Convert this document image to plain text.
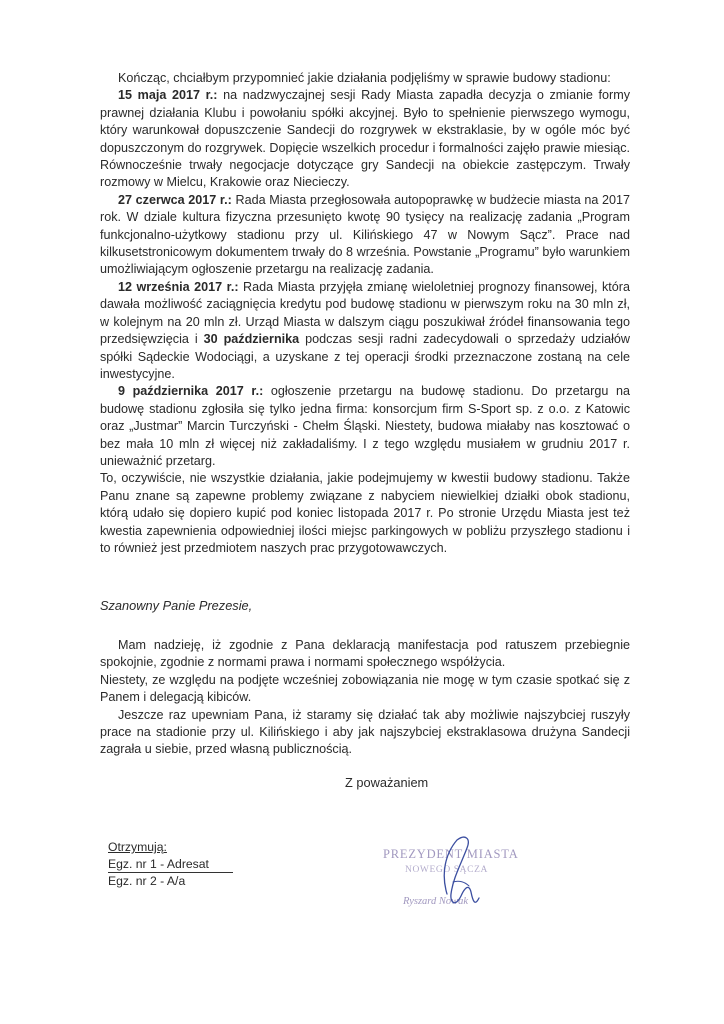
Kończąc, chciałbym przypomnieć jakie działania podjęliśmy w sprawie budowy stadionu:

15 maja 2017 r.: na nadzwyczajnej sesji Rady Miasta zapadła decyzja o zmianie formy prawnej działania Klubu i powołaniu spółki akcyjnej. Było to spełnienie pierwszego wymogu, który warunkował dopuszczenie Sandecji do rozgrywek w ekstraklasie, by w ogóle móc być dopuszczonym do rozgrywek. Dopięcie wszelkich procedur i formalności zajęło prawie miesiąc. Równocześnie trwały negocjacje dotyczące gry Sandecji na obiekcie zastępczym. Trwały rozmowy w Mielcu, Krakowie oraz Niecieczy.

27 czerwca 2017 r.: Rada Miasta przegłosowała autopoprawkę w budżecie miasta na 2017 rok. W dziale kultura fizyczna przesunięto kwotę 90 tysięcy na realizację zadania „Program funkcjonalno-użytkowy stadionu przy ul. Kilińskiego 47 w Nowym Sącz”. Prace nad kilkusetstronicowym dokumentem trwały do 8 września. Powstanie „Programu” było warunkiem umożliwiającym ogłoszenie przetargu na realizację zadania.

12 września 2017 r.: Rada Miasta przyjęła zmianę wieloletniej prognozy finansowej, która dawała możliwość zaciągnięcia kredytu pod budowę stadionu w pierwszym roku na 30 mln zł, w kolejnym na 20 mln zł. Urząd Miasta w dalszym ciągu poszukiwał źródeł finansowania tego przedsięwzięcia i 30 października podczas sesji radni zadecydowali o sprzedaży udziałów spółki Sądeckie Wodociągi, a uzyskane z tej operacji środki przeznaczone zostaną na cele inwestycyjne.

9 października 2017 r.: ogłoszenie przetargu na budowę stadionu. Do przetargu na budowę stadionu zgłosiła się tylko jedna firma: konsorcjum firm S-Sport sp. z o.o. z Katowic oraz „Justmar” Marcin Turczyński - Chełm Śląski. Niestety, budowa miałaby nas kosztować o bez mała 10 mln zł więcej niż zakładaliśmy. I z tego względu musiałem w grudniu 2017 r. unieważnić przetarg.

To, oczywiście, nie wszystkie działania, jakie podejmujemy w kwestii budowy stadionu. Także Panu znane są zapewne problemy związane z nabyciem niewielkiej działki obok stadionu, którą udało się dopiero kupić pod koniec listopada 2017 r. Po stronie Urzędu Miasta jest też kwestia zapewnienia odpowiedniej ilości miejsc parkingowych w pobliżu przyszłego stadionu i to również jest przedmiotem naszych prac przygotowawczych.

Szanowny Panie Prezesie,

Mam nadzieję, iż zgodnie z Pana deklaracją manifestacja pod ratuszem przebiegnie spokojnie, zgodnie z normami prawa i normami społecznego współżycia.

Niestety, ze względu na podjęte wcześniej zobowiązania nie mogę w tym czasie spotkać się z Panem i delegacją kibiców.

Jeszcze raz upewniam Pana, iż staramy się działać tak aby możliwie najszybciej ruszyły prace na stadionie przy ul. Kilińskiego i aby jak najszybciej ekstraklasowa drużyna Sandecji zagrała u siebie, przed własną publicznością.

Z poważaniem
Otrzymują:
Egz. nr 1 - Adresat
Egz. nr 2 - A/a
PREZYDENT MIASTA
NOWEGO SĄCZA
Ryszard Nowak
